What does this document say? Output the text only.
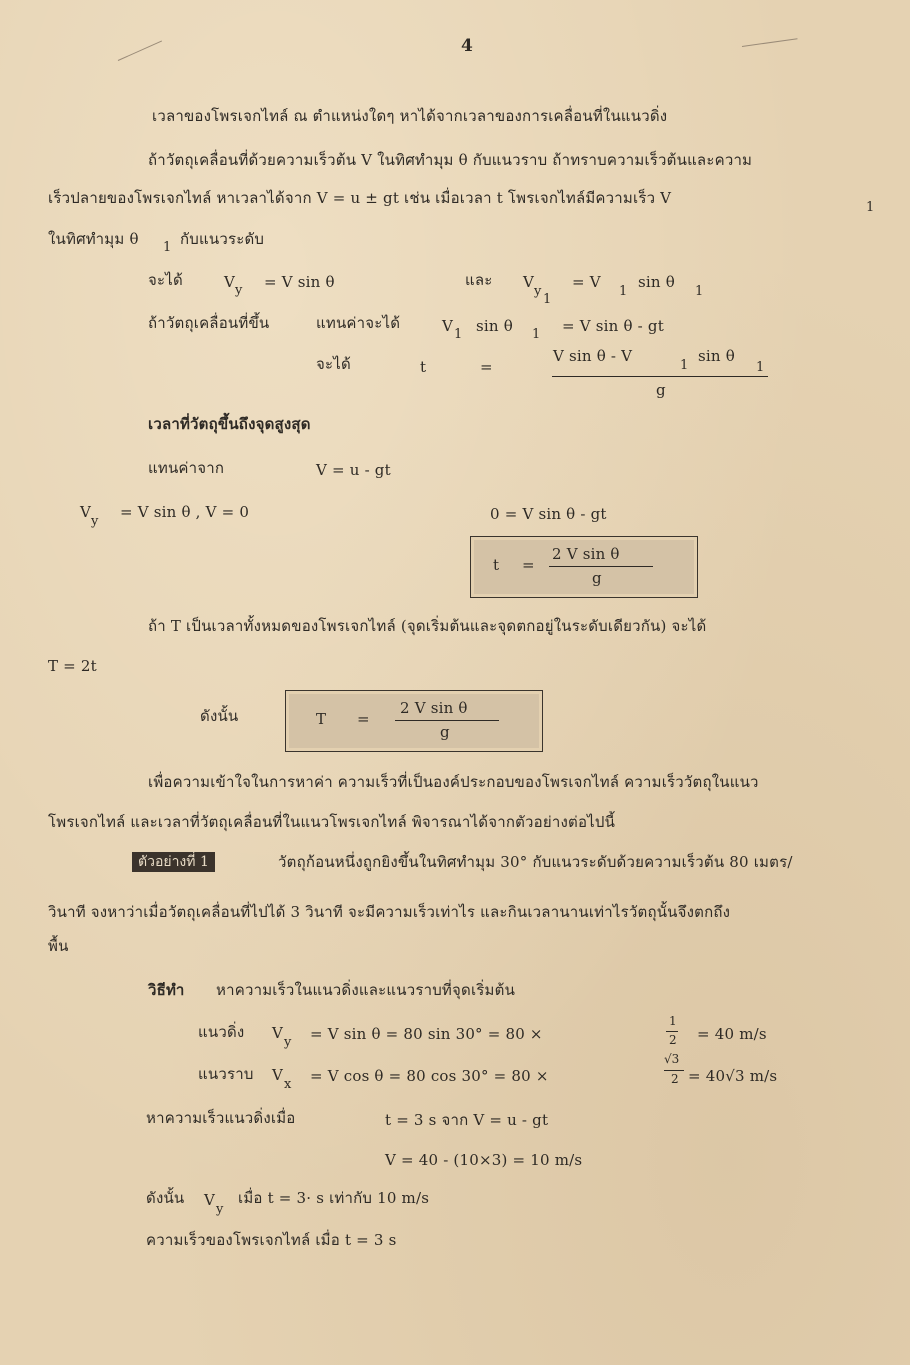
4
เวลาของโพรเจกไทล์ ณ ตำแหน่งใดๆ หาได้จากเวลาของการเคลื่อนที่ในแนวดิ่ง
ถ้าวัตถุเคลื่อนที่ด้วยความเร็วต้น V ในทิศทำมุม θ กับแนวราบ ถ้าทราบความเร็วต้นและความ
เร็วปลายของโพรเจกไทล์ หาเวลาได้จาก V = u ± gt เช่น เมื่อเวลา t โพรเจกไทล์มีความเร็ว V
1
ในทิศทำมุม θ 1 กับแนวระดับ
จะได้	V y = V sin θ	และ V
y
1
= V
1
sin θ
1
ถ้าวัตถุเคลื่อนที่ขึ้น	แทนค่าจะได้	V 1 sin θ 1 = V sin θ - gt
จะได้	t	=
V sin θ - V
1
sin θ
1
g
เวลาที่วัตถุขึ้นถึงจุดสูงสุด
แทนค่าจาก	V = u - gt
V
y
= V sin θ , V = 0	0 = V sin θ - gt
t =
2 V sin θ
g
ถ้า T เป็นเวลาทั้งหมดของโพรเจกไทล์ (จุดเริ่มต้นและจุดตกอยู่ในระดับเดียวกัน) จะได้
T = 2t
ดังนั้น	T =
2 V sin θ
g
เพื่อความเข้าใจในการหาค่า ความเร็วที่เป็นองค์ประกอบของโพรเจกไทล์ ความเร็ววัตถุในแนว
โพรเจกไทล์ และเวลาที่วัตถุเคลื่อนที่ในแนวโพรเจกไทล์ พิจารณาได้จากตัวอย่างต่อไปนี้
ตัวอย่างที่ 1	วัตถุก้อนหนึ่งถูกยิงขึ้นในทิศทำมุม 30° กับแนวระดับด้วยความเร็วต้น 80 เมตร/
วินาที จงหาว่าเมื่อวัตถุเคลื่อนที่ไปได้ 3 วินาที จะมีความเร็วเท่าไร และกินเวลานานเท่าไรวัตถุนั้นจึงตกถึง
พื้น
วิธีทำ หาความเร็วในแนวดิ่งและแนวราบที่จุดเริ่มต้น
แนวดิ่ง V
y = V sin θ = 80 sin 30° = 80 ×
1
2 = 40 m/s
แนวราบ V
x = V cos θ = 80 cos 30° = 80 ×
√3
2 = 40√3 m/s
หาความเร็วแนวดิ่งเมื่อ	t = 3 s จาก V = u - gt
V = 40 - (10×3) = 10 m/s
ดังนั้น V
y
เมื่อ t = 3· s เท่ากับ 10 m/s
ความเร็วของโพรเจกไทล์ เมื่อ t = 3 s
